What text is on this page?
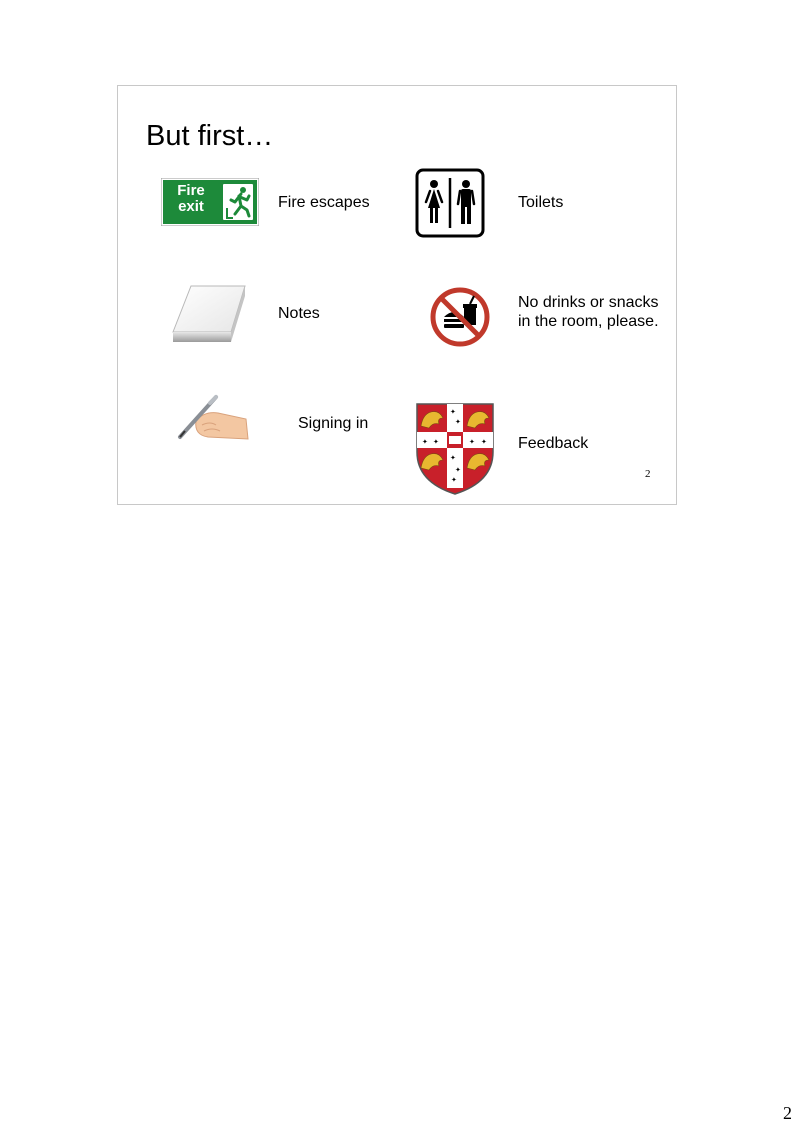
But first…
Fire
exit	Fire escapes	Toilets
Notes
No drinks or snacks
in the room, please.
Signing in
✦
✦
✦ ✦	✦ ✦
✦
✦
✦
Feedback
2
2
